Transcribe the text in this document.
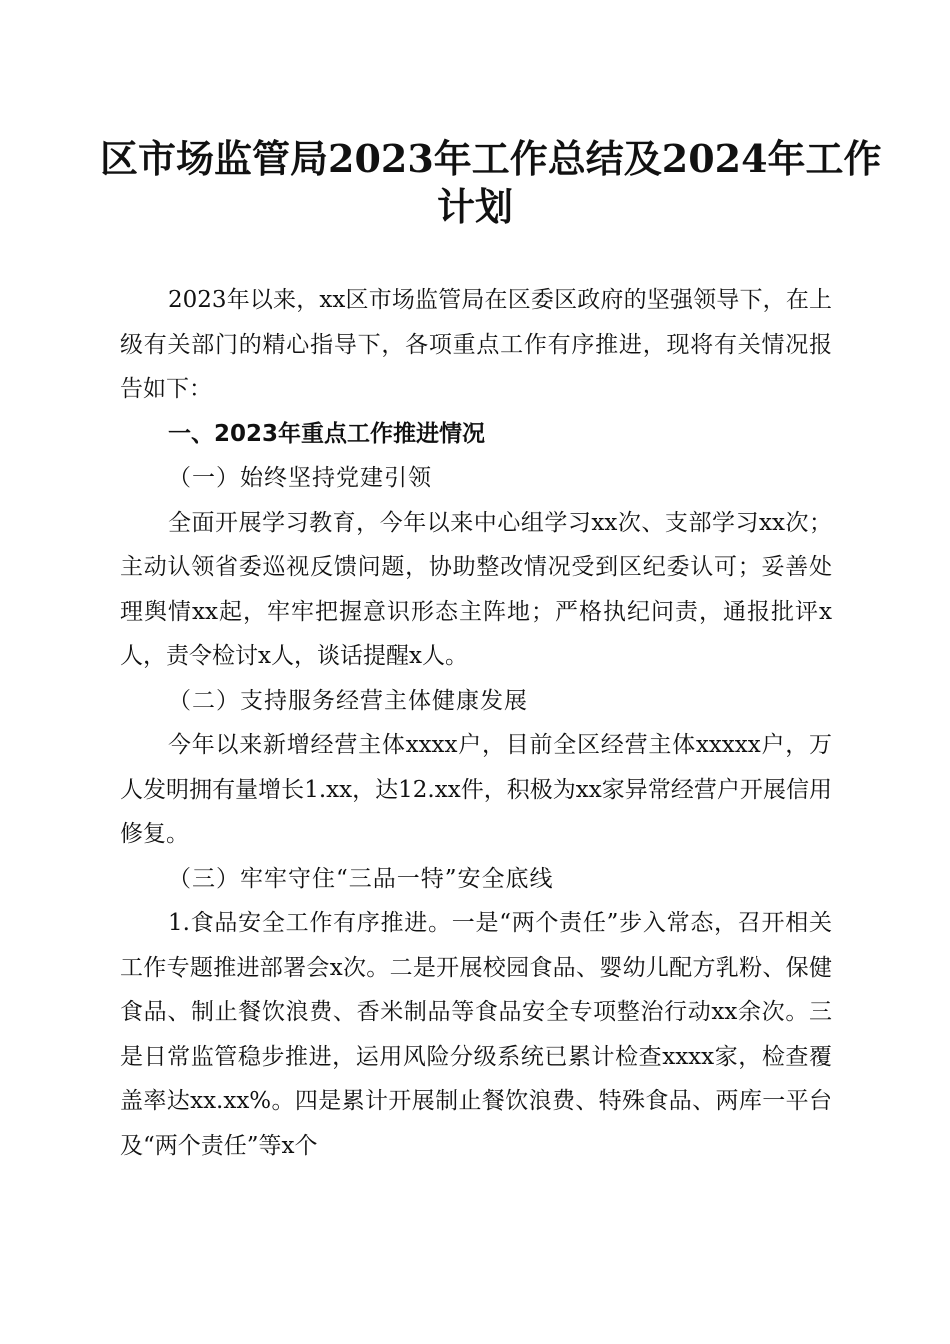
区市场监管局2023年工作总结及2024年工作
计划

2023年以来，xx区市场监管局在区委区政府的坚强领导下，在上级有关部门的精心指导下，各项重点工作有序推进，现将有关情况报告如下：

一、2023年重点工作推进情况
（一）始终坚持党建引领

全面开展学习教育，今年以来中心组学习xx次、支部学习xx次；主动认领省委巡视反馈问题，协助整改情况受到区纪委认可；妥善处理舆情xx起，牢牢把握意识形态主阵地；严格执纪问责，通报批评x人，责令检讨x人，谈话提醒x人。

（二）支持服务经营主体健康发展

今年以来新增经营主体xxxx户，目前全区经营主体xxxxx户，万人发明拥有量增长1.xx，达12.xx件，积极为xx家异常经营户开展信用修复。

（三）牢牢守住“三品一特”安全底线

1.食品安全工作有序推进。一是“两个责任”步入常态，召开相关工作专题推进部署会x次。二是开展校园食品、婴幼儿配方乳粉、保健食品、制止餐饮浪费、香米制品等食品安全专项整治行动xx余次。三是日常监管稳步推进，运用风险分级系统已累计检查xxxx家，检查覆盖率达xx.xx%。四是累计开展制止餐饮浪费、特殊食品、两库一平台及“两个责任”等x个
